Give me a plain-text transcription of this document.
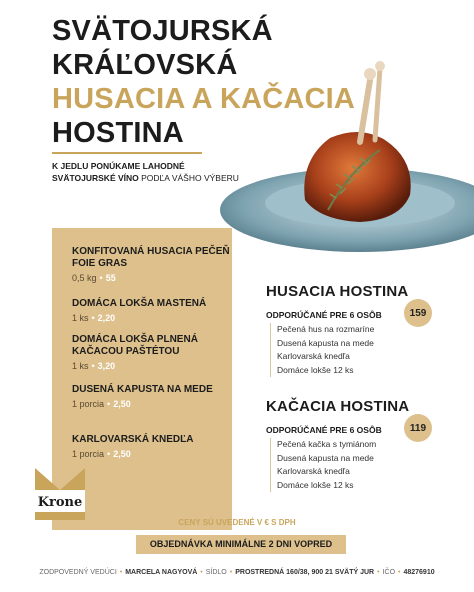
SVÄTOJURSKÁ
KRÁĽOVSKÁ
HUSACIA A KAČACIA
HOSTINA
K JEDLU PONÚKAME LAHODNÉ
SVÄTOJURSKÉ VÍNO PODĽA VÁŠHO VÝBERU
KONFITOVANÁ HUSACIA PEČEŇ FOIE GRAS
0,5 kg • 55
DOMÁCA LOKŠA MASTENÁ
1 ks • 2,20
DOMÁCA LOKŠA PLNENÁ KAČACOU PAŠTÉTOU
1 ks • 3,20
DUSENÁ KAPUSTA NA MEDE
1 porcia • 2,50
KARLOVARSKÁ KNEDĽA
1 porcia • 2,50
Krone
HUSACIA HOSTINA
ODPORÚČANÉ PRE 6 OSÔB
Pečená hus na rozmaríne
Dusená kapusta na mede
Karlovarská knedľa
Domáce lokše 12 ks
159
KAČACIA HOSTINA
ODPORÚČANÉ PRE 6 OSÔB
Pečená kačka s tymiánom
Dusená kapusta na mede
Karlovarská knedľa
Domáce lokše 12 ks
119
CENY SÚ UVEDENÉ V € S DPH
OBJEDNÁVKA MINIMÁLNE 2 DNI VOPRED
ZODPOVEDNÝ VEDÚCI • MARCELA NAGYOVÁ • SÍDLO • PROSTREDNÁ 160/38, 900 21 SVÄTÝ JUR • IČO • 48276910
